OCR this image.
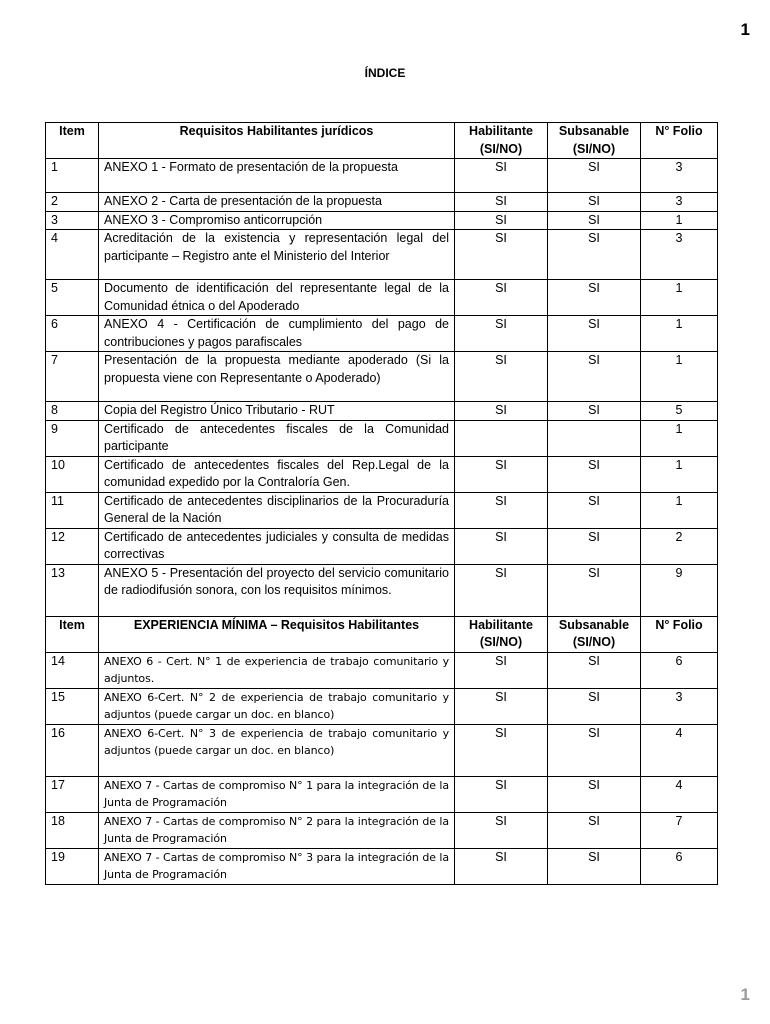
1
ÍNDICE
Item	Requisitos Habilitantes jurídicos	Habilitante (SI/NO)	Subsanable (SI/NO)	N° Folio
1	ANEXO 1 - Formato de presentación de la propuesta	SI	SI	3
2	ANEXO 2 - Carta de presentación de la propuesta	SI	SI	3
3	ANEXO 3 - Compromiso anticorrupción	SI	SI	1
4	Acreditación de la existencia y representación legal del participante – Registro ante el Ministerio del Interior	SI	SI	3
5	Documento de identificación del representante legal de la Comunidad étnica o del Apoderado	SI	SI	1
6	ANEXO 4 - Certificación de cumplimiento del pago de contribuciones y pagos parafiscales	SI	SI	1
7	Presentación de la propuesta mediante apoderado (Si la propuesta viene con Representante o Apoderado)	SI	SI	1
8	Copia del Registro Único Tributario - RUT	SI	SI	5
9	Certificado de antecedentes fiscales de la Comunidad participante			1
10	Certificado de antecedentes fiscales del Rep.Legal de la comunidad expedido por la Contraloría Gen.	SI	SI	1
11	Certificado de antecedentes disciplinarios de la Procuraduría General de la Nación	SI	SI	1
12	Certificado de antecedentes judiciales y consulta de medidas correctivas	SI	SI	2
13	ANEXO 5 - Presentación del proyecto del servicio comunitario de radiodifusión sonora, con los requisitos mínimos.	SI	SI	9
Item	EXPERIENCIA MÍNIMA – Requisitos Habilitantes	Habilitante (SI/NO)	Subsanable (SI/NO)	N° Folio
14	ANEXO 6 - Cert. N° 1 de experiencia de trabajo comunitario y adjuntos.	SI	SI	6
15	ANEXO 6-Cert. N° 2 de experiencia de trabajo comunitario y adjuntos (puede cargar un doc. en blanco)	SI	SI	3
16	ANEXO 6-Cert. N° 3 de experiencia de trabajo comunitario y adjuntos (puede cargar un doc. en blanco)	SI	SI	4
17	ANEXO 7 - Cartas de compromiso N° 1 para la integración de la Junta de Programación	SI	SI	4
18	ANEXO 7 - Cartas de compromiso N° 2 para la integración de la Junta de Programación	SI	SI	7
19	ANEXO 7 - Cartas de compromiso N° 3 para la integración de la Junta de Programación	SI	SI	6
1
